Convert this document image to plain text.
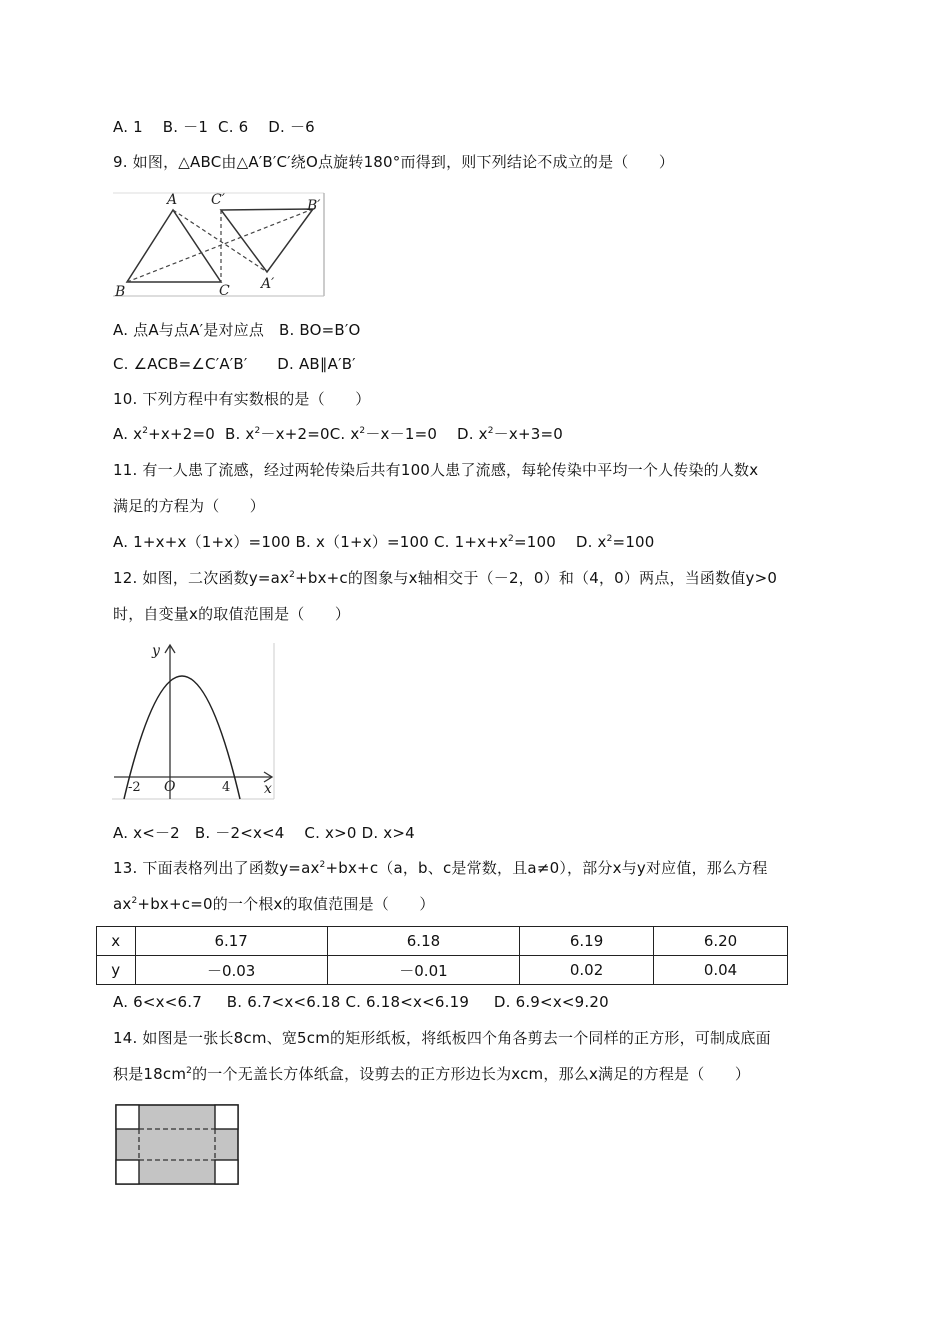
A. 1    B. －1  C. 6    D. －6
9. 如图，△ABC由△A′B′C′绕O点旋转180°而得到，则下列结论不成立的是（　　）
A
B	C
C′	B′
A′
A. 点A与点A′是对应点   B. BO=B′O
C. ∠ACB=∠C′A′B′      D. AB∥A′B′
10. 下列方程中有实数根的是（　　）
A. $x^2+x+2=0$  B. $x^2-x+2=0C$. $x^2-x-1=0$    D. $x^2-x+3=0$
11. 有一人患了流感，经过两轮传染后共有100人患了流感，每轮传染中平均一个人传染的人数x
满足的方程为（　　）
A. 1+x+x（1+x）=100 B. x（1+x）=100 C. $1+x+x^2=100$    D. $x^2=100$
12. 如图，二次函数$y=ax^2+bx+c$的图象与x轴相交于（－2，0）和（4，0）两点，当函数值y>0
时，自变量x的取值范围是（　　）
y
x
O
-2	4
A. x<－2   B. －2<x<4    C. x>0 D. x>4
13. 下面表格列出了函数$y=ax^2+bx+c(a$，b、c是常数，且a≠0），部分x与y对应值，那么方程
$ax^2+bx+c=0$的一个根x的取值范围是（　　）
x	6.17	6.18	6.19	6.20
y	－0.03	－0.01	0.02	0.04
A. 6<x<6.7     B. 6.7<x<6.18 C. 6.18<x<6.19     D. 6.9<x<9.20
14. 如图是一张长8cm、宽5cm的矩形纸板，将纸板四个角各剪去一个同样的正方形，可制成底面
积是$18cm^2$的一个无盖长方体纸盒，设剪去的正方形边长为xcm，那么x满足的方程是（　　）
